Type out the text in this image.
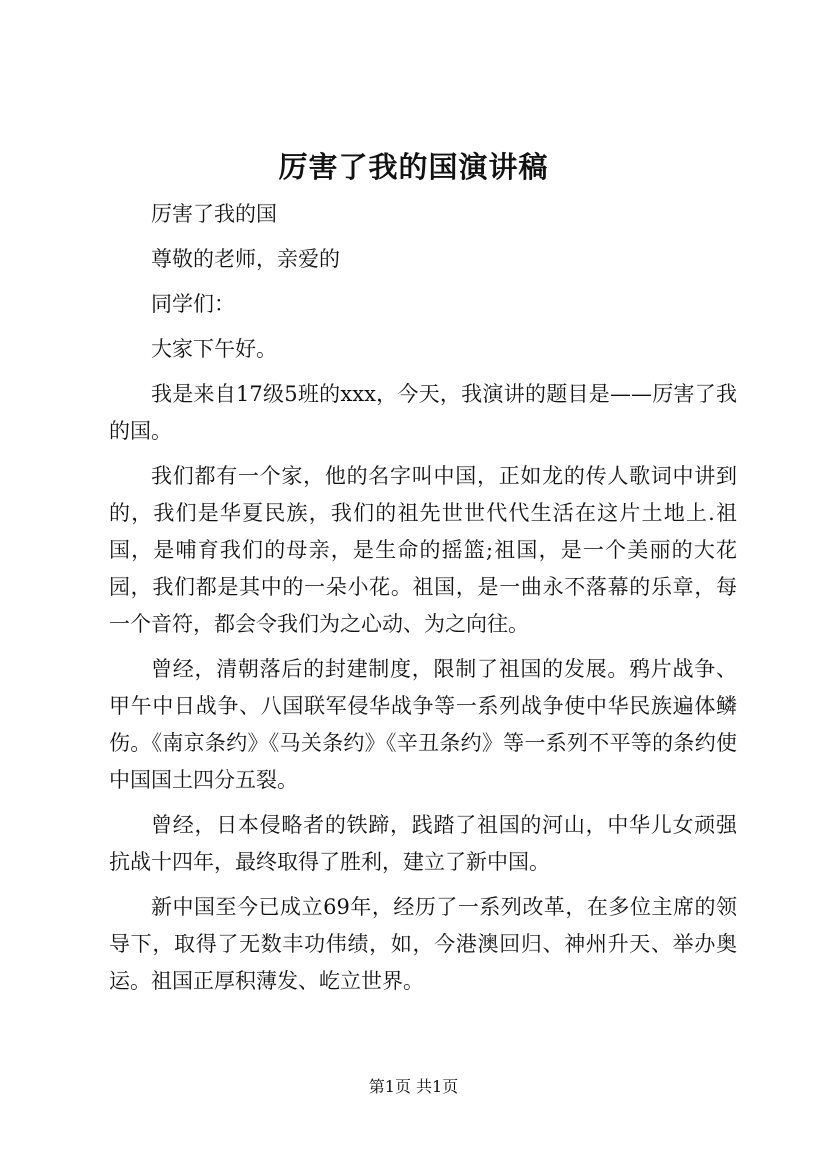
厉害了我的国演讲稿

厉害了我的国

尊敬的老师，亲爱的

同学们：

大家下午好。

我是来自17级5班的xxx，今天，我演讲的题目是——厉害了我的国。

我们都有一个家，他的名字叫中国，正如龙的传人歌词中讲到的，我们是华夏民族，我们的祖先世世代代生活在这片土地上.祖国，是哺育我们的母亲，是生命的摇篮;祖国，是一个美丽的大花园，我们都是其中的一朵小花。祖国，是一曲永不落幕的乐章，每一个音符，都会令我们为之心动、为之向往。

曾经，清朝落后的封建制度，限制了祖国的发展。鸦片战争、甲午中日战争、八国联军侵华战争等一系列战争使中华民族遍体鳞伤。《南京条约》《马关条约》《辛丑条约》等一系列不平等的条约使中国国土四分五裂。

曾经，日本侵略者的铁蹄，践踏了祖国的河山，中华儿女顽强抗战十四年，最终取得了胜利，建立了新中国。

新中国至今已成立69年，经历了一系列改革，在多位主席的领导下，取得了无数丰功伟绩，如，今港澳回归、神州升天、举办奥运。祖国正厚积薄发、屹立世界。

第1页 共1页
